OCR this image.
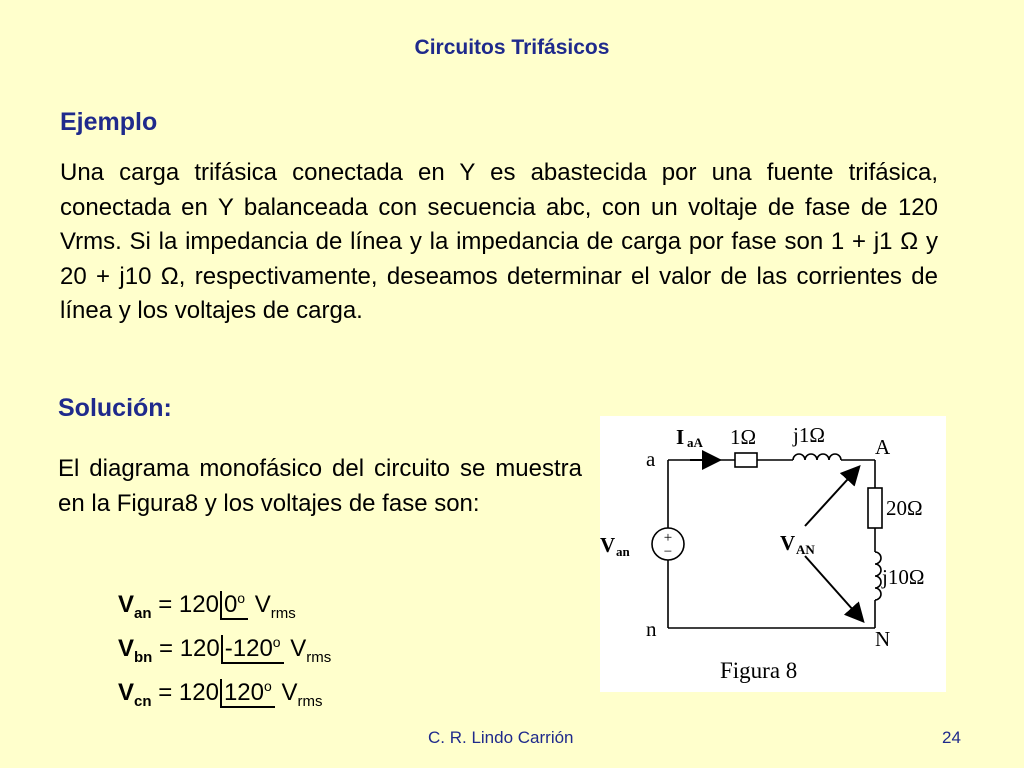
Circuitos Trifásicos
Ejemplo
Una carga trifásica conectada en Y es abastecida por una fuente trifásica, conectada en Y balanceada con secuencia abc, con un voltaje de fase de 120 Vrms. Si la impedancia de línea y la impedancia de carga por fase son 1 + j1 Ω y 20 + j10 Ω, respectivamente, deseamos determinar el valor de las corrientes de línea y los voltajes de carga.
Solución:
El diagrama monofásico del circuito se muestra en la Figura8 y los voltajes de fase son:
$V_{an} = 120$ 0$^o$ $V_{rms}$
$V_{bn} = 120$ -120$^o$ $V_{rms}$
$V_{cn} = 120$ 120$^o$ $V_{rms}$
+
−
I aA 1Ω j1Ω
a	A
n	N
V an	V AN
20Ω
j10Ω
Figura 8
C. R. Lindo Carrión	24
